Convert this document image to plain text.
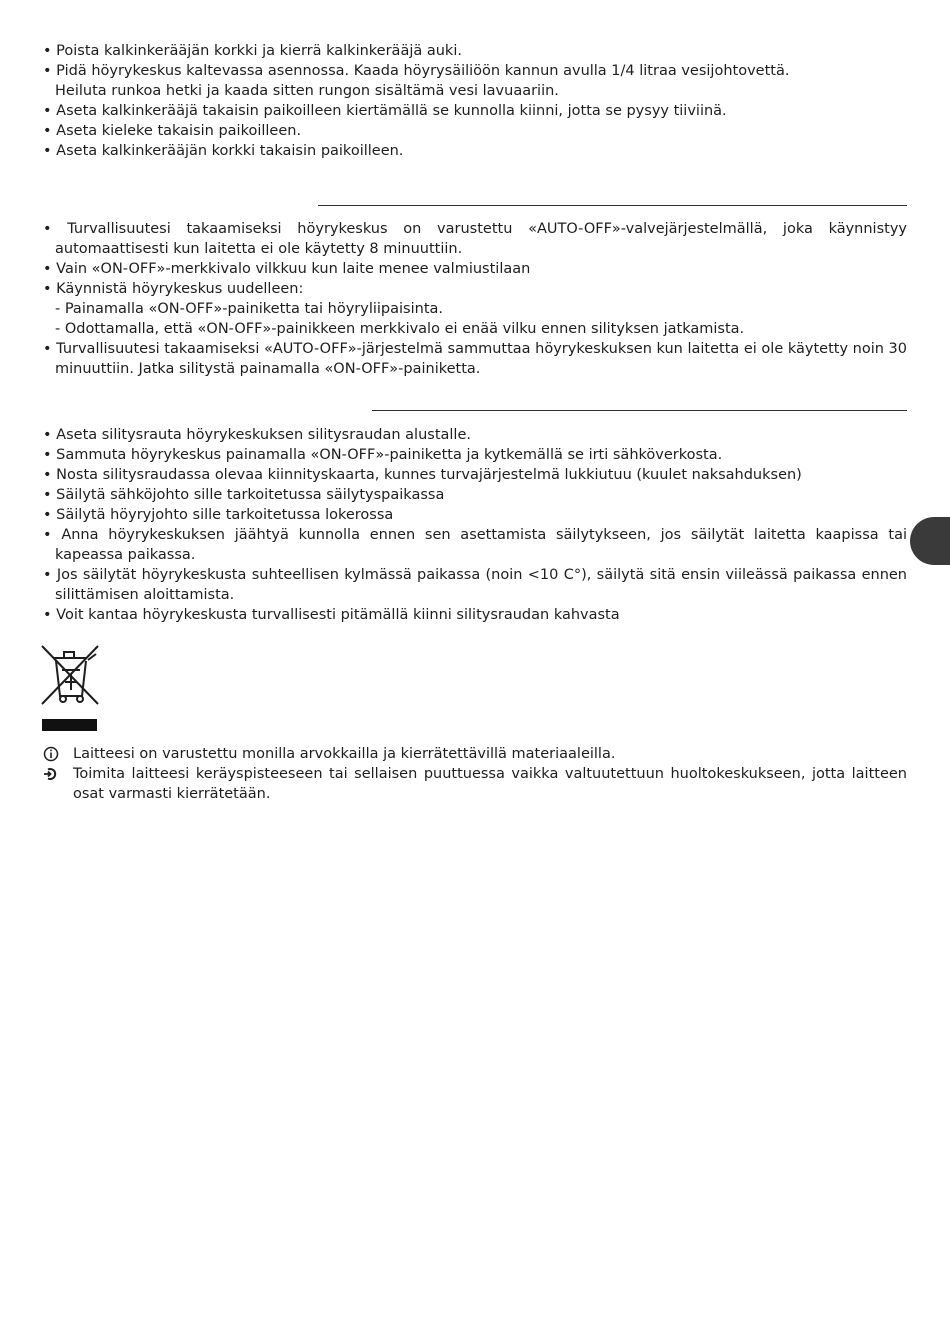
• Poista kalkinkerääjän korkki ja kierrä kalkinkerääjä auki.
• Pidä höyrykeskus kaltevassa asennossa. Kaada höyrysäiliöön kannun avulla 1/4 litraa vesijohtovettä.
Heiluta runkoa hetki ja kaada sitten rungon sisältämä vesi lavuaariin.
• Aseta kalkinkerääjä takaisin paikoilleen kiertämällä se kunnolla kiinni, jotta se pysyy tiiviinä.
• Aseta kieleke takaisin paikoilleen.
• Aseta kalkinkerääjän korkki takaisin paikoilleen.
• Turvallisuutesi takaamiseksi höyrykeskus on varustettu «AUTO-OFF»-valvejärjestelmällä, joka käynnistyy automaattisesti kun laitetta ei ole käytetty 8 minuuttiin.
• Vain «ON-OFF»-merkkivalo vilkkuu kun laite menee valmiustilaan
• Käynnistä höyrykeskus uudelleen:
- Painamalla «ON-OFF»-painiketta tai höyryliipaisinta.
- Odottamalla, että «ON-OFF»-painikkeen merkkivalo ei enää vilku ennen silityksen jatkamista.
• Turvallisuutesi takaamiseksi «AUTO-OFF»-järjestelmä sammuttaa höyrykeskuksen kun laitetta ei ole käytetty noin 30 minuuttiin. Jatka silitystä painamalla «ON-OFF»-painiketta.
• Aseta silitysrauta höyrykeskuksen silitysraudan alustalle.
• Sammuta höyrykeskus painamalla «ON-OFF»-painiketta ja kytkemällä se irti sähköverkosta.
• Nosta silitysraudassa olevaa kiinnityskaarta, kunnes turvajärjestelmä lukkiutuu (kuulet naksahduksen)
• Säilytä sähköjohto sille tarkoitetussa säilytyspaikassa
• Säilytä höyryjohto sille tarkoitetussa lokerossa
• Anna höyrykeskuksen jäähtyä kunnolla ennen sen asettamista säilytykseen, jos säilytät laitetta kaapissa tai kapeassa paikassa.
• Jos säilytät höyrykeskusta suhteellisen kylmässä paikassa (noin <10 C°), säilytä sitä ensin viileässä paikassa ennen silittämisen aloittamista.
• Voit kantaa höyrykeskusta turvallisesti pitämällä kiinni silitysraudan kahvasta
Laitteesi on varustettu monilla arvokkailla ja kierrätettävillä materiaaleilla.
Toimita laitteesi keräyspisteeseen tai sellaisen puuttuessa vaikka valtuutettuun huoltokeskukseen, jotta laitteen osat varmasti kierrätetään.
